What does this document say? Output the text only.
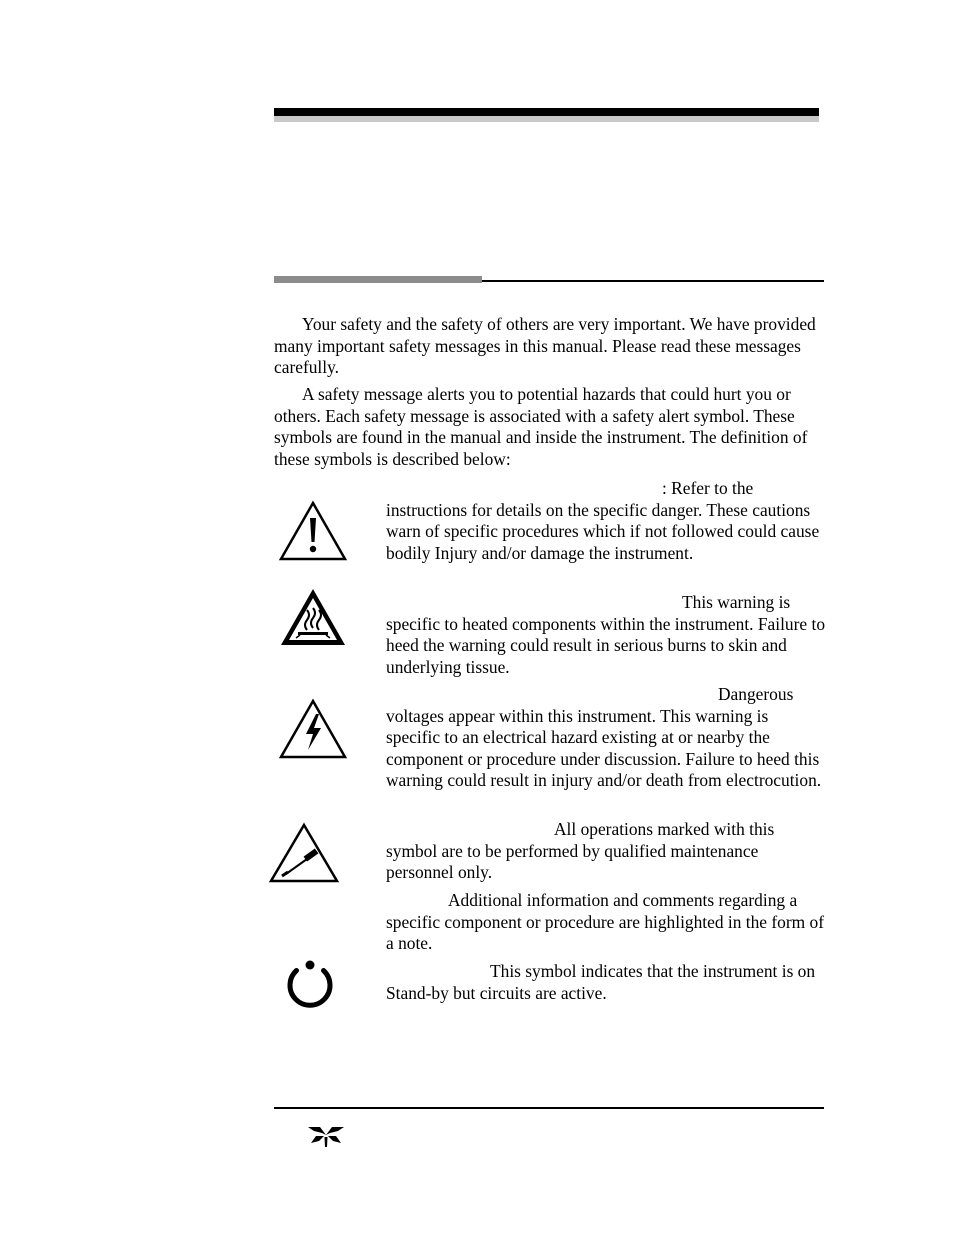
Your safety and the safety of others are very important. We have provided many important safety messages in this manual. Please read these messages carefully.

A safety message alerts you to potential hazards that could hurt you or others. Each safety message is associated with a safety alert symbol. These symbols are found in the manual and inside the instrument. The definition of these symbols is described below:

: Refer to the instructions for details on the specific danger. These cautions warn of specific procedures which if not followed could cause bodily Injury and/or damage the instrument.

This warning is specific to heated components within the instrument. Failure to heed the warning could result in serious burns to skin and underlying tissue.

Dangerous voltages appear within this instrument. This warning is specific to an electrical hazard existing at or nearby the component or procedure under discussion. Failure to heed this warning could result in injury and/or death from electrocution.

All operations marked with this symbol are to be performed by qualified maintenance personnel only.

Additional information and comments regarding a specific component or procedure are highlighted in the form of a note.

This symbol indicates that the instrument is on Stand-by but circuits are active.
